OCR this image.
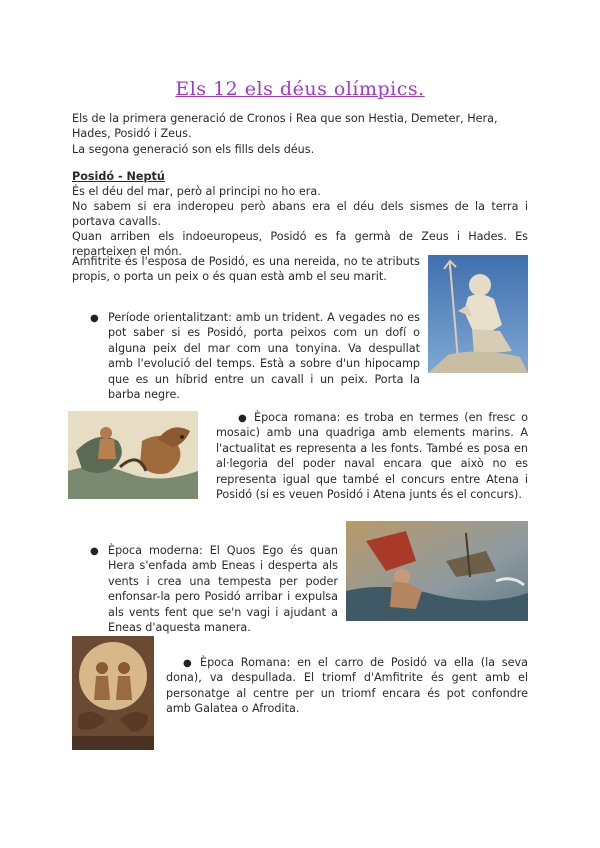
Els 12 els déus olímpics.
Els de la primera generació de Cronos i Rea que son Hestia, Demeter, Hera, Hades, Posidó i Zeus.
La segona generació son els fills dels déus.
Posidó - Neptú
És el déu del mar, però al principi no ho era.
No sabem si era inderopeu però abans era el déu dels sismes de la terra i portava cavalls.
Quan arriben els indoeuropeus, Posidó es fa germà de Zeus i Hades. Es reparteixen el món.
Amfitrite és l'esposa de Posidó, es una nereida, no te atributs propis, o porta un peix o és quan està amb el seu marit.
● Període orientalitzant: amb un trident. A vegades no es pot saber si es Posidó, porta peixos com un dofí o alguna peix del mar com una tonyina. Va despullat amb l'evolució del temps. Està a sobre d'un hipocamp que es un híbrid entre un cavall i un peix. Porta la barba negre.
● Època romana: es troba en termes (en fresc o mosaic) amb una quadriga amb elements marins. A l'actualitat es representa a les fonts. També es posa en al·legoria del poder naval encara que això no es representa igual que també el concurs entre Atena i Posidó (si es veuen Posidó i Atena junts és el concurs).
● Època moderna: El Quos Ego és quan Hera s'enfada amb Eneas i desperta als vents i crea una tempesta per poder enfonsar-la pero Posidó arribar i expulsa als vents fent que se'n vagi i ajudant a Eneas d'aquesta manera.
● Època Romana: en el carro de Posidó va ella (la seva dona), va despullada. El triomf d'Amfitrite és gent amb el personatge al centre per un triomf encara és pot confondre amb Galatea o Afrodita.
